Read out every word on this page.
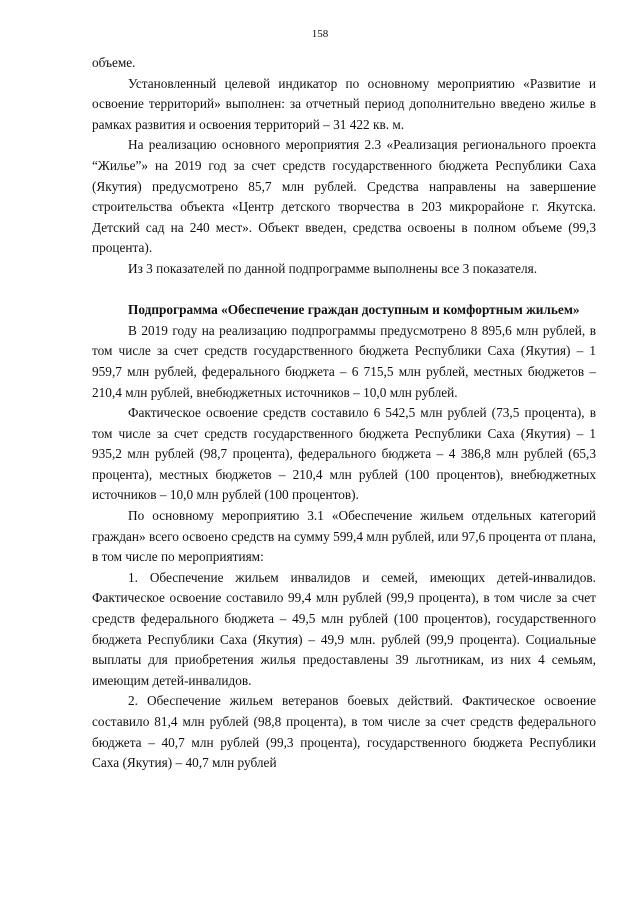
158

объеме.

Установленный целевой индикатор по основному мероприятию «Развитие и освоение территорий» выполнен: за отчетный период дополнительно введено жилье в рамках развития и освоения территорий – 31 422 кв. м.

На реализацию основного мероприятия 2.3 «Реализация регионального проекта “Жилье”» на 2019 год за счет средств государственного бюджета Республики Саха (Якутия) предусмотрено 85,7 млн рублей. Средства направлены на завершение строительства объекта «Центр детского творчества в 203 микрорайоне г. Якутска. Детский сад на 240 мест». Объект введен, средства освоены в полном объеме (99,3 процента).

Из 3 показателей по данной подпрограмме выполнены все 3 показателя.

Подпрограмма «Обеспечение граждан доступным и комфортным жильем»

В 2019 году на реализацию подпрограммы предусмотрено 8 895,6 млн рублей, в том числе за счет средств государственного бюджета Республики Саха (Якутия) – 1 959,7 млн рублей, федерального бюджета – 6 715,5 млн рублей, местных бюджетов – 210,4 млн рублей, внебюджетных источников – 10,0 млн рублей.

Фактическое освоение средств составило 6 542,5 млн рублей (73,5 процента), в том числе за счет средств государственного бюджета Республики Саха (Якутия) – 1 935,2 млн рублей (98,7 процента), федерального бюджета – 4 386,8 млн рублей (65,3 процента), местных бюджетов – 210,4 млн рублей (100 процентов), внебюджетных источников – 10,0 млн рублей (100 процентов).

По основному мероприятию 3.1 «Обеспечение жильем отдельных категорий граждан» всего освоено средств на сумму 599,4 млн рублей, или 97,6 процента от плана, в том числе по мероприятиям:

1. Обеспечение жильем инвалидов и семей, имеющих детей-инвалидов. Фактическое освоение составило 99,4 млн рублей (99,9 процента), в том числе за счет средств федерального бюджета – 49,5 млн рублей (100 процентов), государственного бюджета Республики Саха (Якутия) – 49,9 млн. рублей (99,9 процента). Социальные выплаты для приобретения жилья предоставлены 39 льготникам, из них 4 семьям, имеющим детей-инвалидов.

2. Обеспечение жильем ветеранов боевых действий. Фактическое освоение составило 81,4 млн рублей (98,8 процента), в том числе за счет средств федерального бюджета – 40,7 млн рублей (99,3 процента), государственного бюджета Республики Саха (Якутия) – 40,7 млн рублей
